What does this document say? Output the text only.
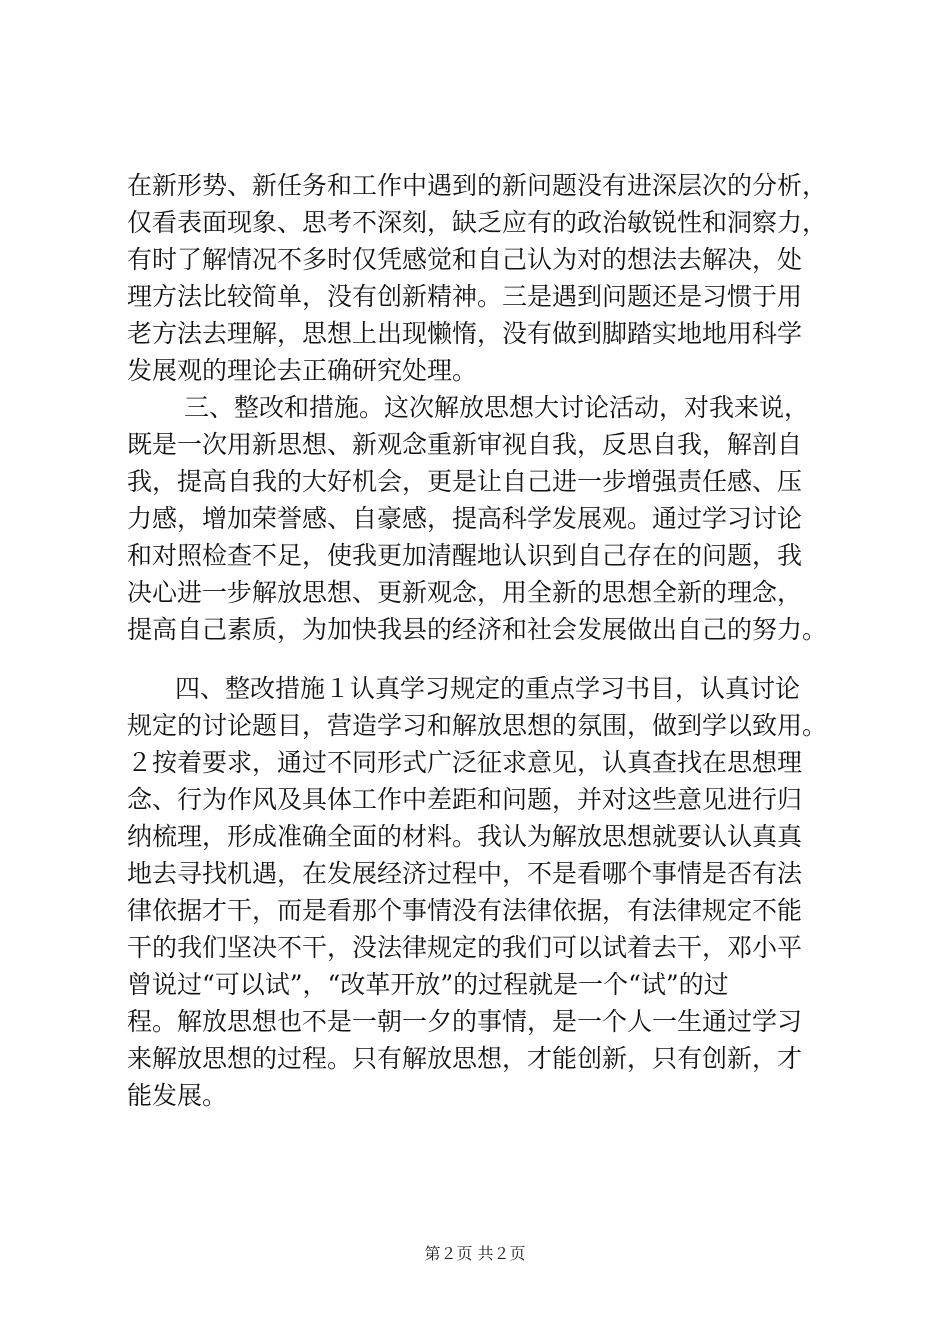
在新形势、新任务和工作中遇到的新问题没有进深层次的分析，
仅看表面现象、思考不深刻，缺乏应有的政治敏锐性和洞察力，
有时了解情况不多时仅凭感觉和自己认为对的想法去解决，处
理方法比较简单，没有创新精神。三是遇到问题还是习惯于用
老方法去理解，思想上出现懒惰，没有做到脚踏实地地用科学
发展观的理论去正确研究处理。
三、整改和措施。这次解放思想大讨论活动，对我来说，
既是一次用新思想、新观念重新审视自我，反思自我，解剖自
我，提高自我的大好机会，更是让自己进一步增强责任感、压
力感，增加荣誉感、自豪感，提高科学发展观。通过学习讨论
和对照检查不足，使我更加清醒地认识到自己存在的问题，我
决心进一步解放思想、更新观念，用全新的思想全新的理念，
提高自己素质，为加快我县的经济和社会发展做出自己的努力。
四、整改措施１认真学习规定的重点学习书目，认真讨论
规定的讨论题目，营造学习和解放思想的氛围，做到学以致用。
２按着要求，通过不同形式广泛征求意见，认真查找在思想理
念、行为作风及具体工作中差距和问题，并对这些意见进行归
纳梳理，形成准确全面的材料。我认为解放思想就要认认真真
地去寻找机遇，在发展经济过程中，不是看哪个事情是否有法
律依据才干，而是看那个事情没有法律依据，有法律规定不能
干的我们坚决不干，没法律规定的我们可以试着去干，邓小平
曾说过“可以试”，“改革开放”的过程就是一个“试”的过
程。解放思想也不是一朝一夕的事情，是一个人一生通过学习
来解放思想的过程。只有解放思想，才能创新，只有创新，才
能发展。
第２页 共２页
